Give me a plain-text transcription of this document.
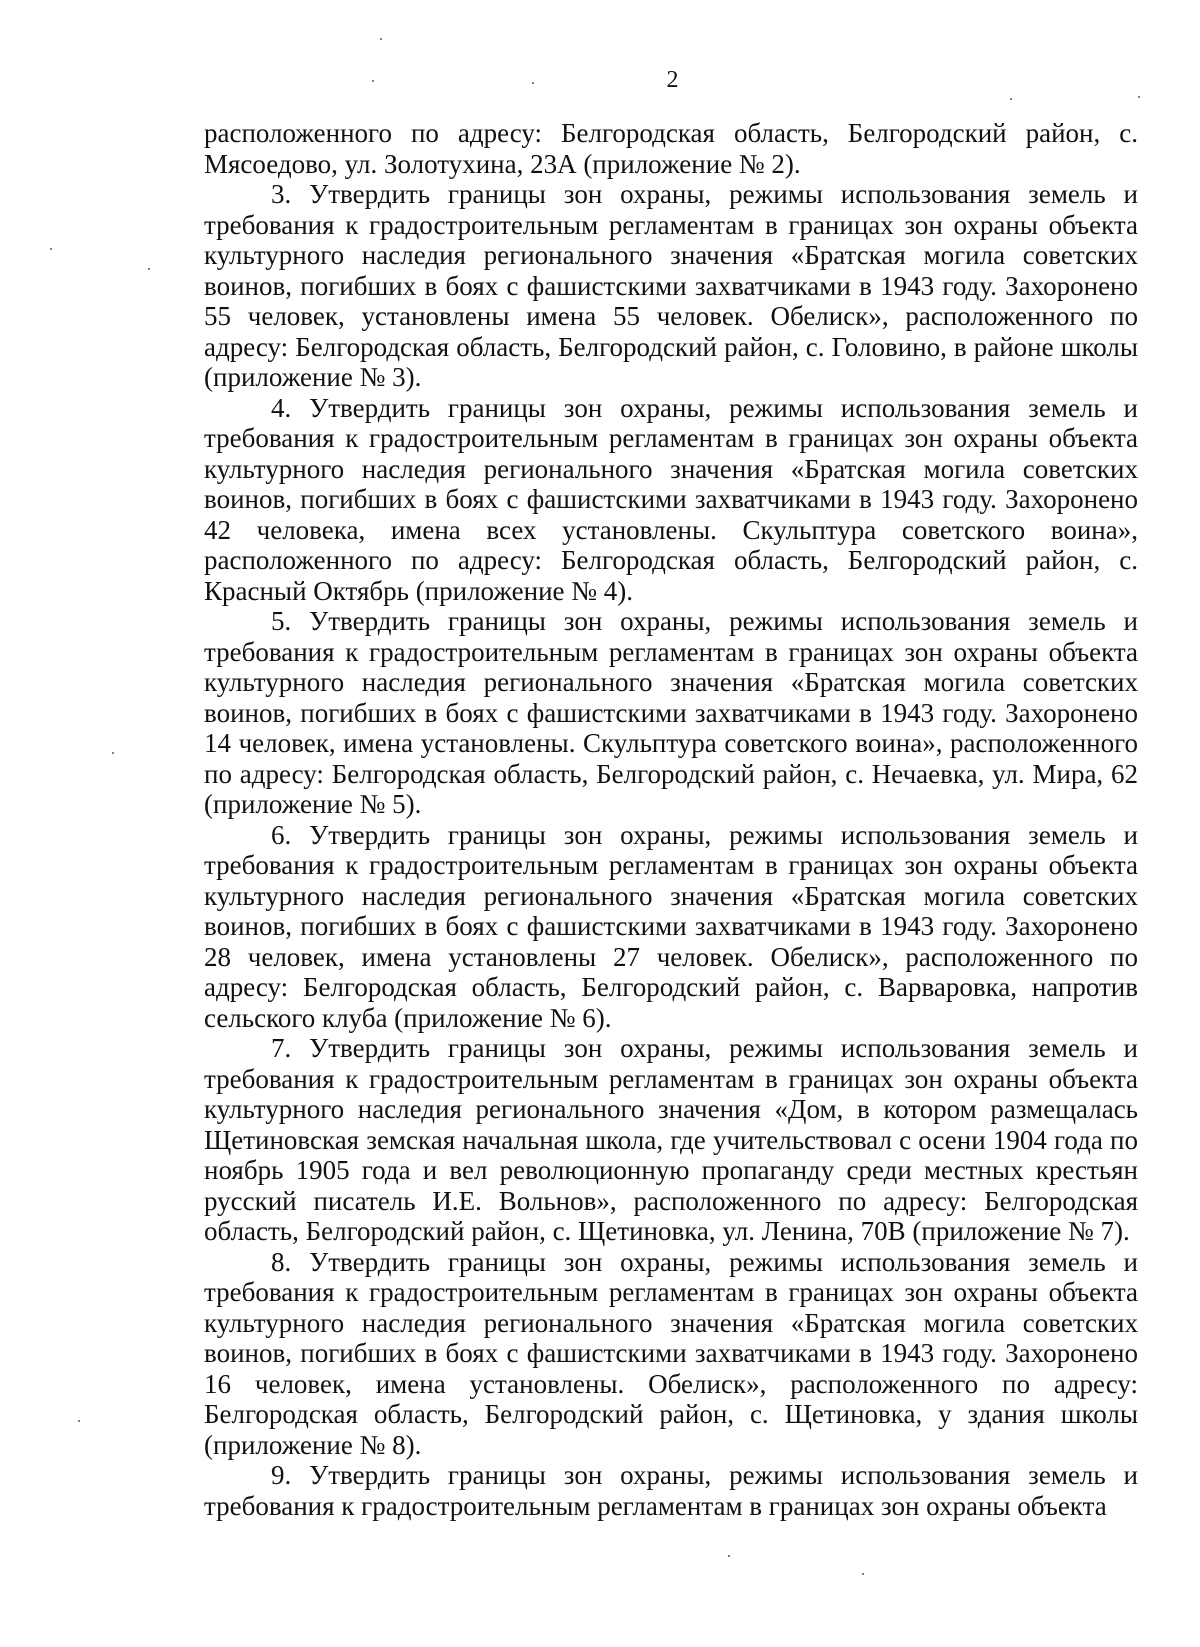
2

расположенного по адресу: Белгородская область, Белгородский район, с. Мясоедово, ул. Золотухина, 23А (приложение № 2).

3. Утвердить границы зон охраны, режимы использования земель и требования к градостроительным регламентам в границах зон охраны объекта культурного наследия регионального значения «Братская могила советских воинов, погибших в боях с фашистскими захватчиками в 1943 году. Захоронено 55 человек, установлены имена 55 человек. Обелиск», расположенного по адресу: Белгородская область, Белгородский район, с. Головино, в районе школы (приложение № 3).

4. Утвердить границы зон охраны, режимы использования земель и требования к градостроительным регламентам в границах зон охраны объекта культурного наследия регионального значения «Братская могила советских воинов, погибших в боях с фашистскими захватчиками в 1943 году. Захоронено 42 человека, имена всех установлены. Скульптура советского воина», расположенного по адресу: Белгородская область, Белгородский район, с. Красный Октябрь (приложение № 4).

5. Утвердить границы зон охраны, режимы использования земель и требования к градостроительным регламентам в границах зон охраны объекта культурного наследия регионального значения «Братская могила советских воинов, погибших в боях с фашистскими захватчиками в 1943 году. Захоронено 14 человек, имена установлены. Скульптура советского воина», расположенного по адресу: Белгородская область, Белгородский район, с. Нечаевка, ул. Мира, 62 (приложение № 5).

6. Утвердить границы зон охраны, режимы использования земель и требования к градостроительным регламентам в границах зон охраны объекта культурного наследия регионального значения «Братская могила советских воинов, погибших в боях с фашистскими захватчиками в 1943 году. Захоронено 28 человек, имена установлены 27 человек. Обелиск», расположенного по адресу: Белгородская область, Белгородский район, с. Варваровка, напротив сельского клуба (приложение № 6).

7. Утвердить границы зон охраны, режимы использования земель и требования к градостроительным регламентам в границах зон охраны объекта культурного наследия регионального значения «Дом, в котором размещалась Щетиновская земская начальная школа, где учительствовал с осени 1904 года по ноябрь 1905 года и вел революционную пропаганду среди местных крестьян русский писатель И.Е. Вольнов», расположенного по адресу: Белгородская область, Белгородский район, с. Щетиновка, ул. Ленина, 70В (приложение № 7).

8. Утвердить границы зон охраны, режимы использования земель и требования к градостроительным регламентам в границах зон охраны объекта культурного наследия регионального значения «Братская могила советских воинов, погибших в боях с фашистскими захватчиками в 1943 году. Захоронено 16 человек, имена установлены. Обелиск», расположенного по адресу: Белгородская область, Белгородский район, с. Щетиновка, у здания школы (приложение № 8).

9. Утвердить границы зон охраны, режимы использования земель и требования к градостроительным регламентам в границах зон охраны объекта
